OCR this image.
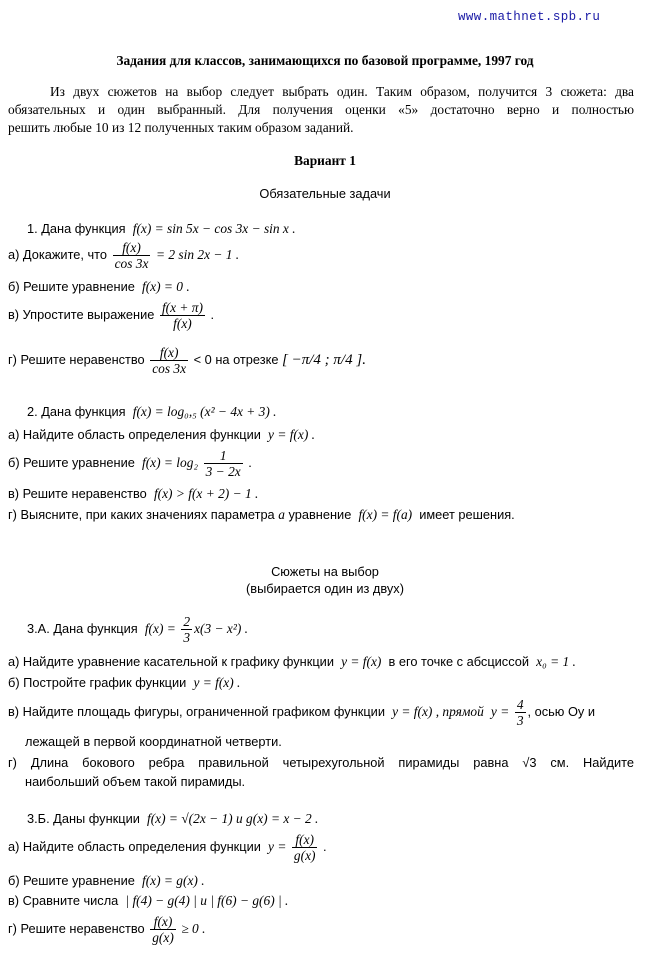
www.mathnet.spb.ru
Задания для классов, занимающихся по базовой программе, 1997 год
Из двух сюжетов на выбор следует выбрать один. Таким образом, получится 3 сюжета: два
обязательных и один выбранный. Для получения оценки «5» достаточно верно и полностью
решить любые 10 из 12 полученных таким образом заданий.
Вариант 1
Обязательные задачи
1. Дана функция f(x) = sin 5x − cos 3x − sin x .
а) Докажите, что $\frac{f(x)}{\cos 3x} = 2$ sin 2x − 1 .
б) Решите уравнение f(x) = 0 .
в) Упростите выражение $\frac{f(x + \pi)}{f(x)}$ .
г) Решите неравенство $\frac{f(x)}{\cos 3x} < 0$ на отрезке [ −π/4 ; π/4 ].
2. Дана функция f(x) = log₀,₅ (x² − 4x + 3) .
а) Найдите область определения функции y = f(x) .
б) Решите уравнение $f(x) = \log_2 \frac{1}{3 - 2x}$ .
в) Решите неравенство f(x) > f(x + 2) − 1 .
г) Выясните, при каких значениях параметра a уравнение f(x) = f(a) имеет решения.
Сюжеты на выбор
(выбирается один из двух)
3.А. Дана функция $f(x) = \frac{2}{3} x(3 - x^2)$ .
а) Найдите уравнение касательной к графику функции y = f(x) в его точке с абсциссой x₀ = 1 .
б) Постройте график функции y = f(x) .
в) Найдите площадь фигуры, ограниченной графиком функции y = f(x) , прямой $y = \frac{4}{3}$ , осью Oy и
лежащей в первой координатной четверти.
г) Длина бокового ребра правильной четырехугольной пирамиды равна √3 см. Найдите
наибольший объем такой пирамиды.
3.Б. Даны функции f(x) = √(2x − 1) и g(x) = x − 2 .
а) Найдите область определения функции $y = \frac{f(x)}{g(x)}$ .
б) Решите уравнение f(x) = g(x) .
в) Сравните числа | f(4) − g(4) | и | f(6) − g(6) | .
г) Решите неравенство $\frac{f(x)}{g(x)} \ge 0$ .
